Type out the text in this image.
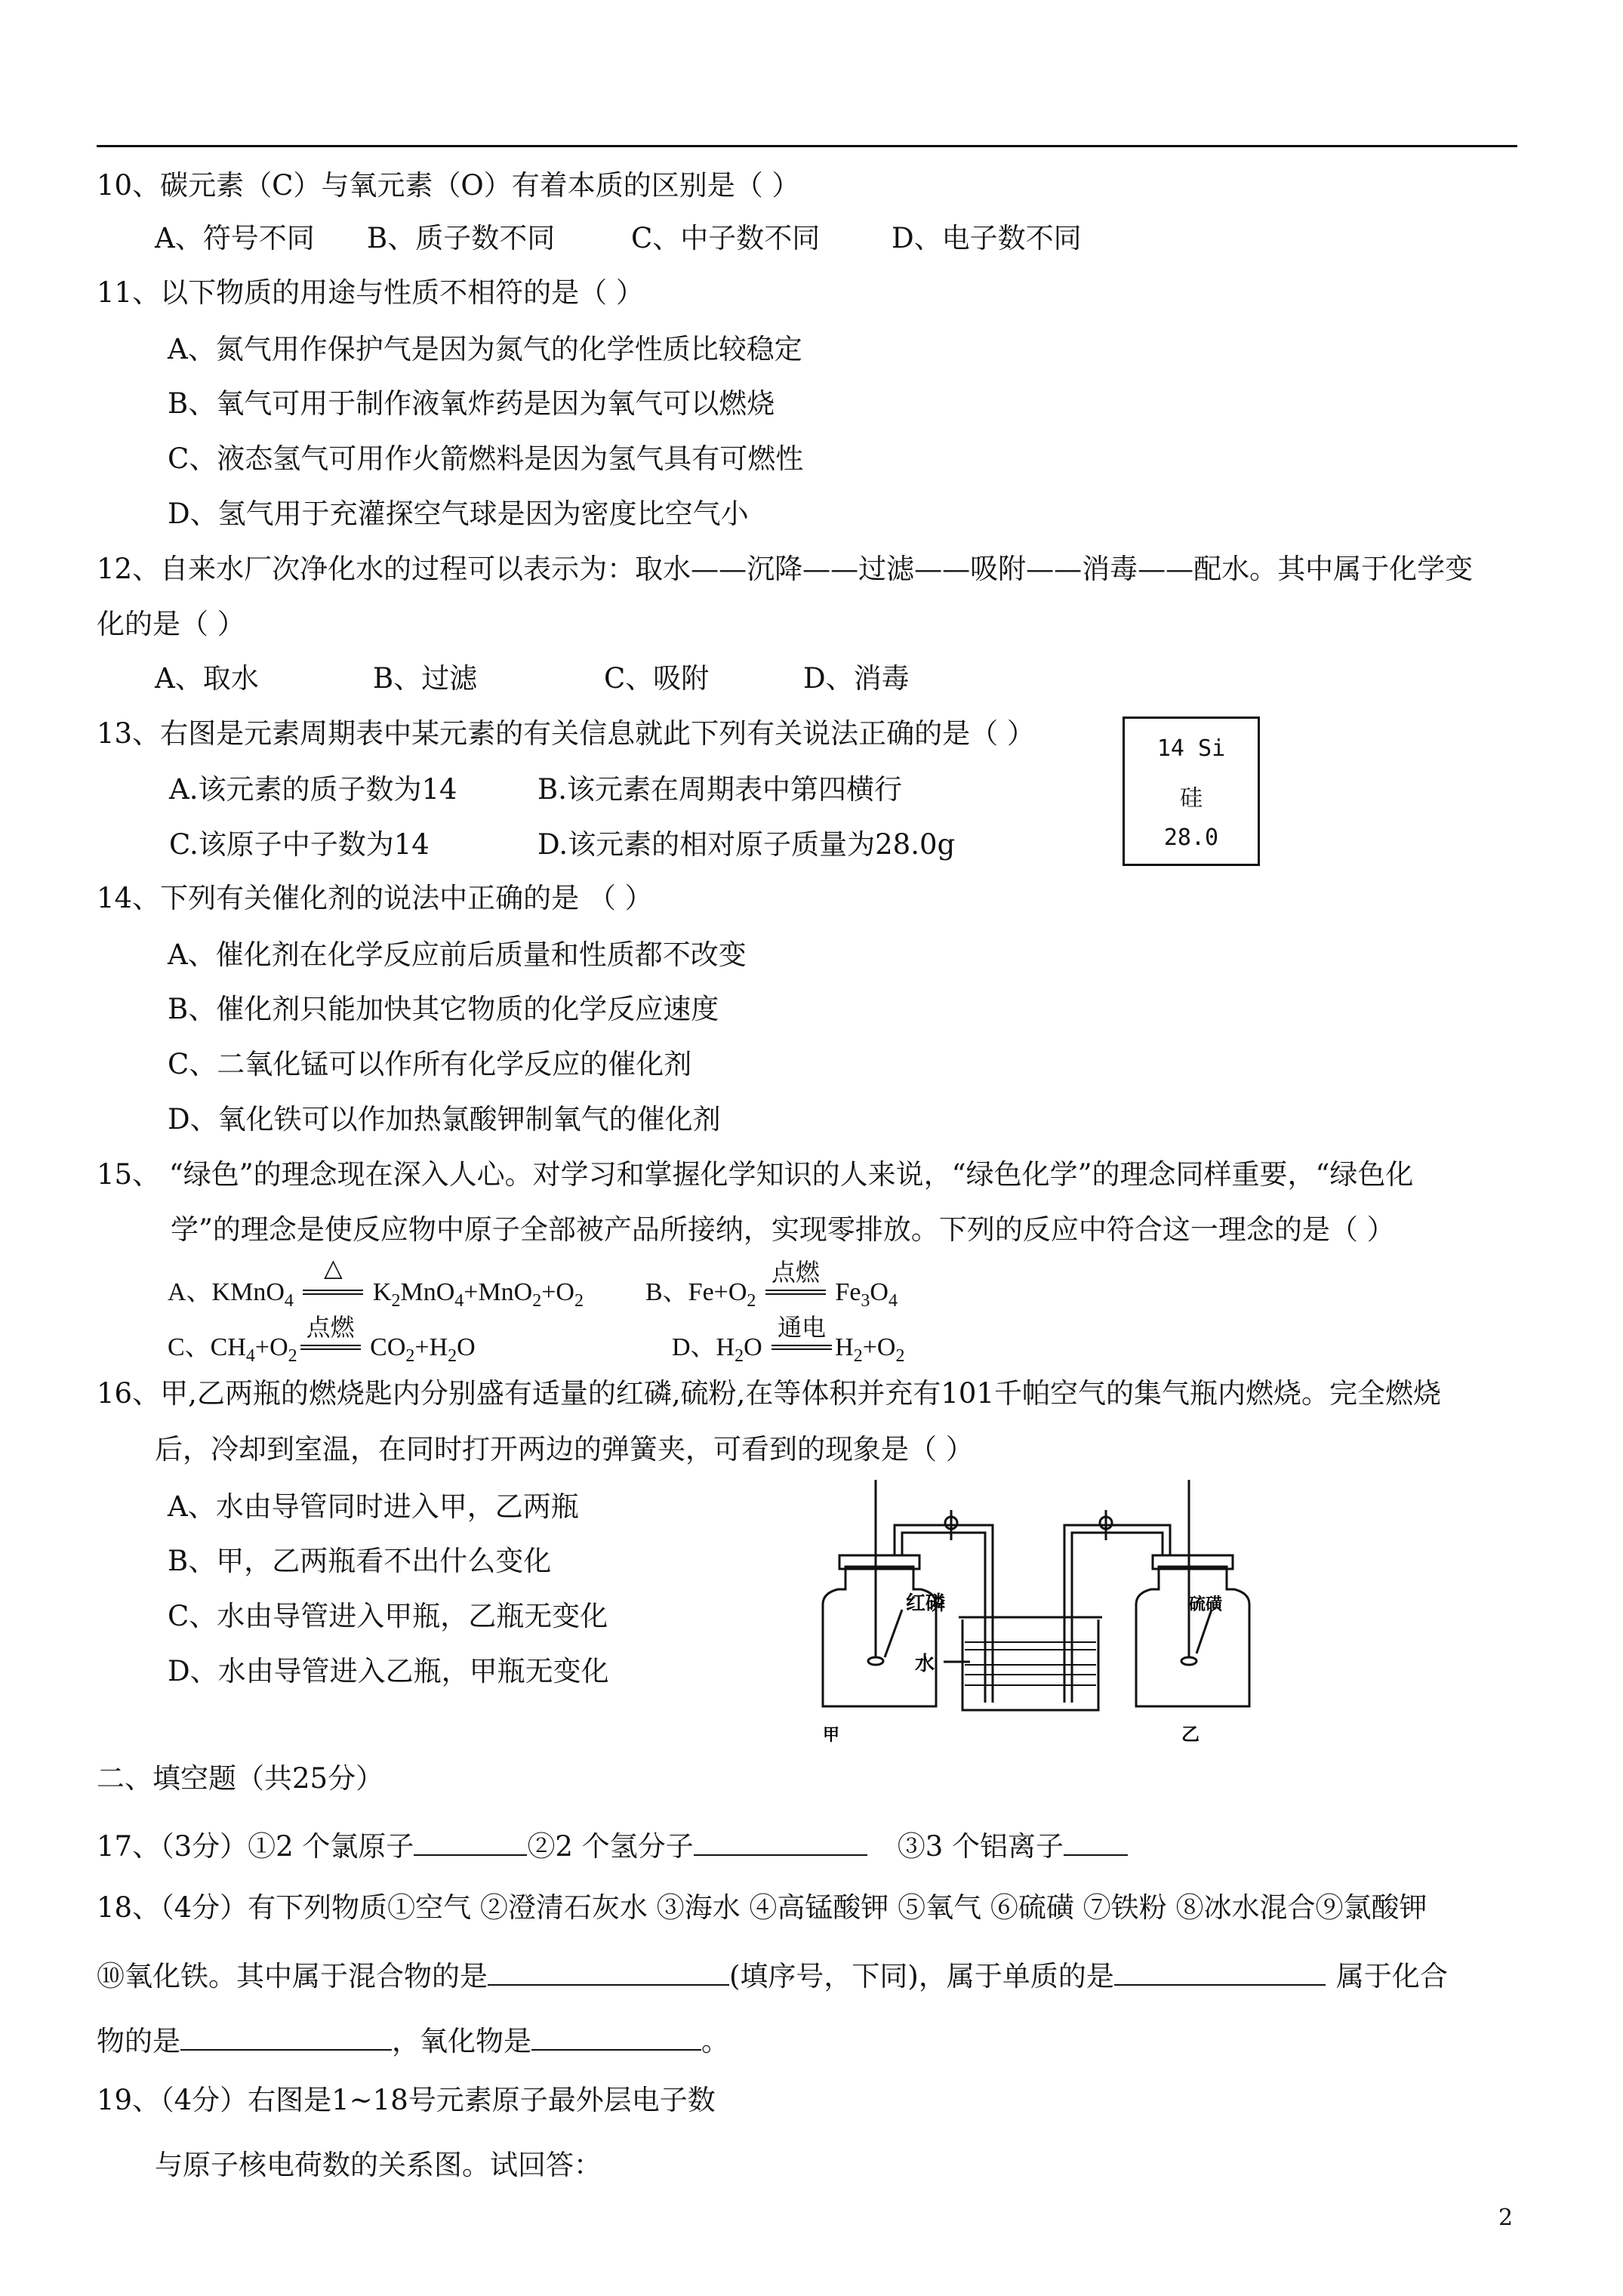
10、碳元素（C）与氧元素（O）有着本质的区别是（ ）
A、符号不同 B、质子数不同	C、中子数不同	D、电子数不同
11、以下物质的用途与性质不相符的是（ ）
A、氮气用作保护气是因为氮气的化学性质比较稳定
B、氧气可用于制作液氧炸药是因为氧气可以燃烧
C、液态氢气可用作火箭燃料是因为氢气具有可燃性
D、氢气用于充灌探空气球是因为密度比空气小
12、自来水厂次净化水的过程可以表示为：取水——沉降——过滤——吸附——消毒——配水。其中属于化学变
化的是（ ）
A、取水	B、过滤	C、吸附	D、消毒
13、右图是元素周期表中某元素的有关信息就此下列有关说法正确的是（ ）
A.该元素的质子数为14	B.该元素在周期表中第四横行
C.该原子中子数为14	D.该元素的相对原子质量为28.0g
14 Si
硅
28.0
14、下列有关催化剂的说法中正确的是 （ ）
A、催化剂在化学反应前后质量和性质都不改变
B、催化剂只能加快其它物质的化学反应速度
C、二氧化锰可以作所有化学反应的催化剂
D、氧化铁可以作加热氯酸钾制氧气的催化剂
15、 “绿色”的理念现在深入人心。对学习和掌握化学知识的人来说，“绿色化学”的理念同样重要，“绿色化
学”的理念是使反应物中原子全部被产品所接纳，实现零排放。下列的反应中符合这一理念的是（ ）
A、KMnO$_4$
△
$K_2MnO_4+MnO_2+O_2$ B、$Fe+O_2$
点燃
$Fe_3O_4$
C、$CH_4+O_2$
点燃
$CO_2+H_2O$	D、$H_2O$
通电
$H_2+O_2$
16、甲,乙两瓶的燃烧匙内分别盛有适量的红磷,硫粉,在等体积并充有101千帕空气的集气瓶内燃烧。完全燃烧
后，冷却到室温，在同时打开两边的弹簧夹，可看到的现象是（ ）
A、水由导管同时进入甲，乙两瓶
B、甲，乙两瓶看不出什么变化
C、水由导管进入甲瓶，乙瓶无变化
D、水由导管进入乙瓶，甲瓶无变化
红磷	硫磺
水
甲	乙
二、填空题（共25分）
17、（3分）①2 个氯原子	②2 个氢分子	③3 个铝离子
18、（4分）有下列物质①空气 ②澄清石灰水 ③海水 ④高锰酸钾 ⑤氧气 ⑥硫磺 ⑦铁粉 ⑧冰水混合⑨氯酸钾
⑩氧化铁。其中属于混合物的是	(填序号，下同)，属于单质的是	属于化合
物的是	，氧化物是	。
19、（4分）右图是1~18号元素原子最外层电子数
与原子核电荷数的关系图。试回答：
2
